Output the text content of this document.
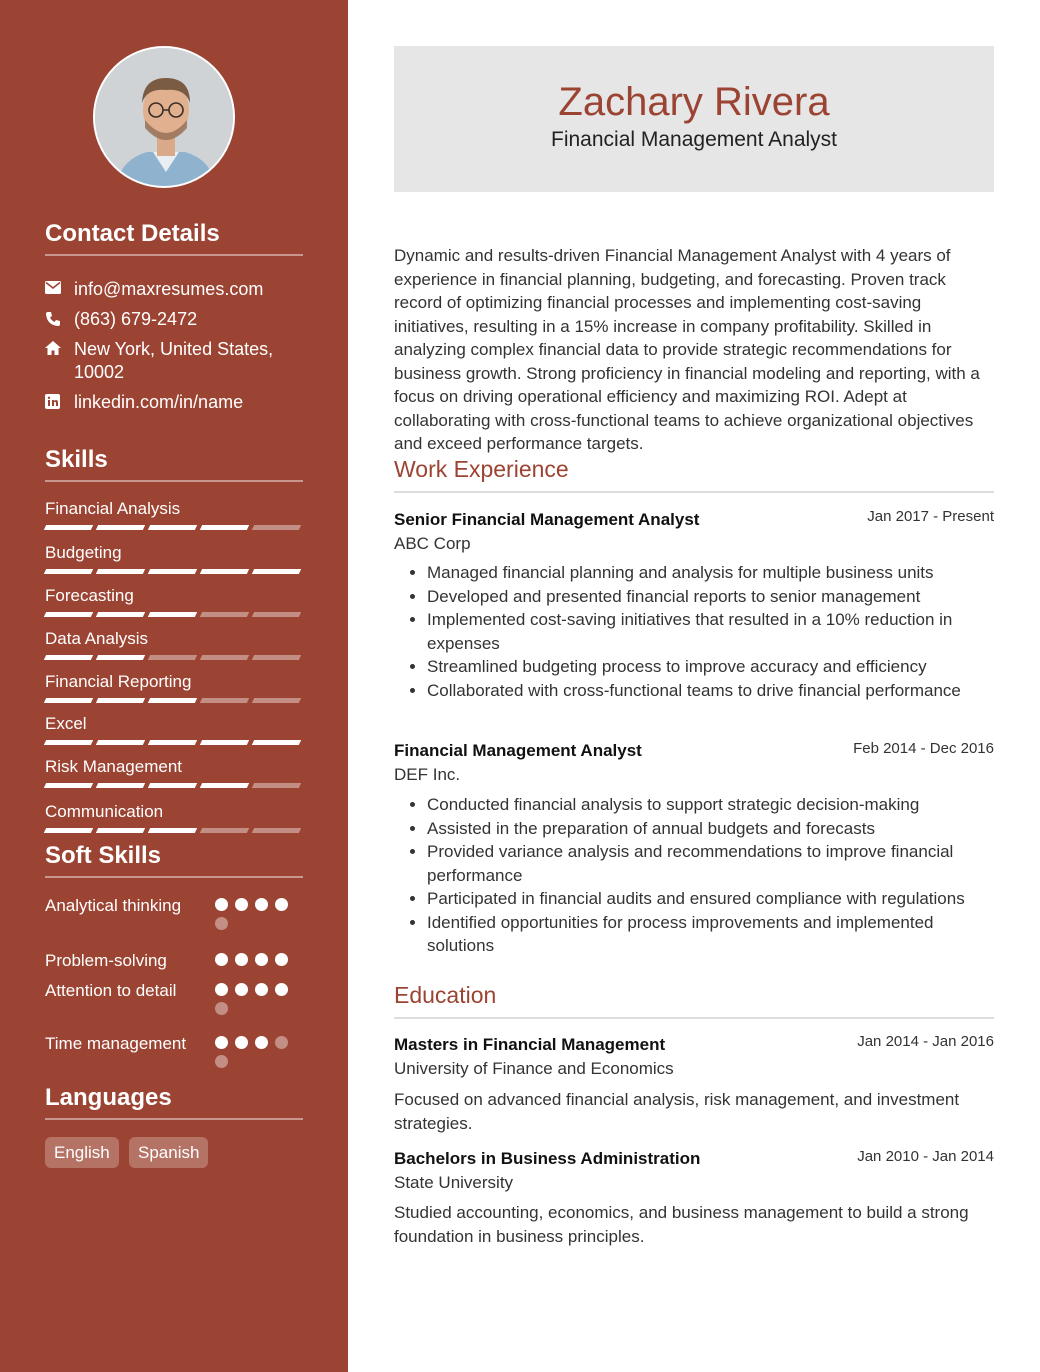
Contact Details
info@maxresumes.com
(863) 679-2472
New York, United States, 10002
linkedin.com/in/name
Skills
Financial Analysis
Budgeting
Forecasting
Data Analysis
Financial Reporting
Excel
Risk Management
Communication
Soft Skills
Analytical thinking
Problem-solving
Attention to detail
Time management
Languages
English	Spanish
Zachary Rivera
Financial Management Analyst
Dynamic and results-driven Financial Management Analyst with 4 years of experience in financial planning, budgeting, and forecasting. Proven track record of optimizing financial processes and implementing cost-saving initiatives, resulting in a 15% increase in company profitability. Skilled in analyzing complex financial data to provide strategic recommendations for business growth. Strong proficiency in financial modeling and reporting, with a focus on driving operational efficiency and maximizing ROI. Adept at collaborating with cross-functional teams to achieve organizational objectives and exceed performance targets.
Work Experience
Senior Financial Management Analyst	Jan 2017 - Present
ABC Corp
Managed financial planning and analysis for multiple business units
Developed and presented financial reports to senior management
Implemented cost-saving initiatives that resulted in a 10% reduction in expenses
Streamlined budgeting process to improve accuracy and efficiency
Collaborated with cross-functional teams to drive financial performance
Financial Management Analyst	Feb 2014 - Dec 2016
DEF Inc.
Conducted financial analysis to support strategic decision-making
Assisted in the preparation of annual budgets and forecasts
Provided variance analysis and recommendations to improve financial performance
Participated in financial audits and ensured compliance with regulations
Identified opportunities for process improvements and implemented solutions
Education
Masters in Financial Management	Jan 2014 - Jan 2016
University of Finance and Economics
Focused on advanced financial analysis, risk management, and investment strategies.
Bachelors in Business Administration	Jan 2010 - Jan 2014
State University
Studied accounting, economics, and business management to build a strong foundation in business principles.
